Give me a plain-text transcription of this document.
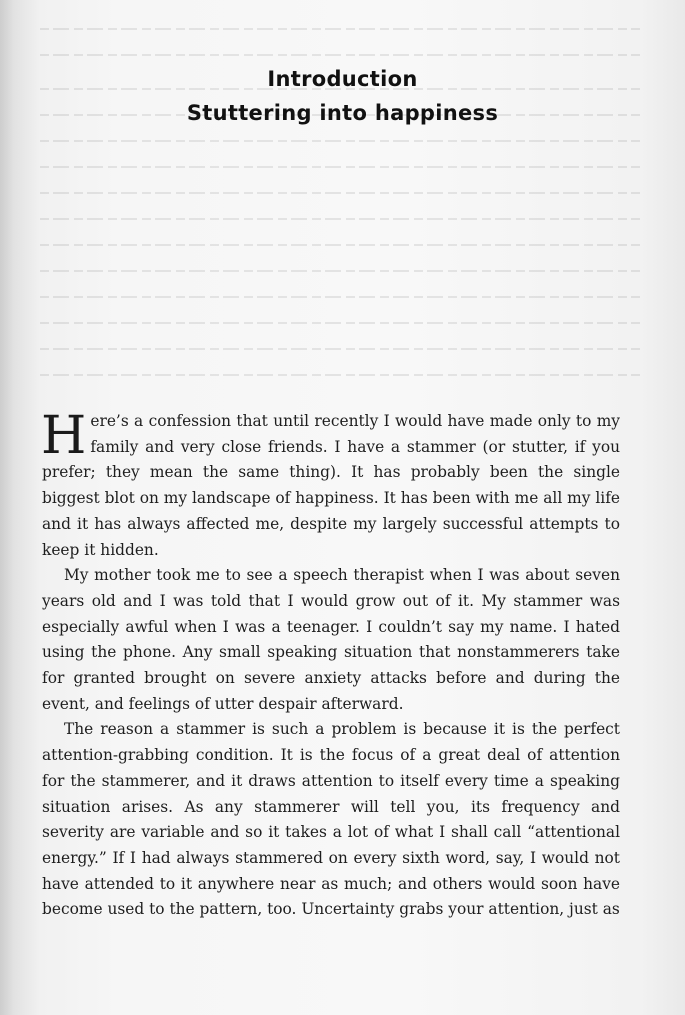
Introduction
Stuttering into happiness

Here’s a confession that until recently I would have made only to my family and very close friends. I have a stammer (or stutter, if you prefer; they mean the same thing). It has probably been the single biggest blot on my landscape of happiness. It has been with me all my life and it has always affected me, despite my largely successful attempts to keep it hidden.

My mother took me to see a speech therapist when I was about seven years old and I was told that I would grow out of it. My stammer was especially awful when I was a teenager. I couldn’t say my name. I hated using the phone. Any small speaking situation that nonstammerers take for granted brought on severe anxiety attacks before and during the event, and feelings of utter despair afterward.

The reason a stammer is such a problem is because it is the perfect attention-grabbing condition. It is the focus of a great deal of attention for the stammerer, and it draws attention to itself every time a speaking situation arises. As any stammerer will tell you, its frequency and severity are variable and so it takes a lot of what I shall call “attentional energy.” If I had always stammered on every sixth word, say, I would not have attended to it anywhere near as much; and others would soon have become used to the pattern, too. Uncertainty grabs your attention, just as
